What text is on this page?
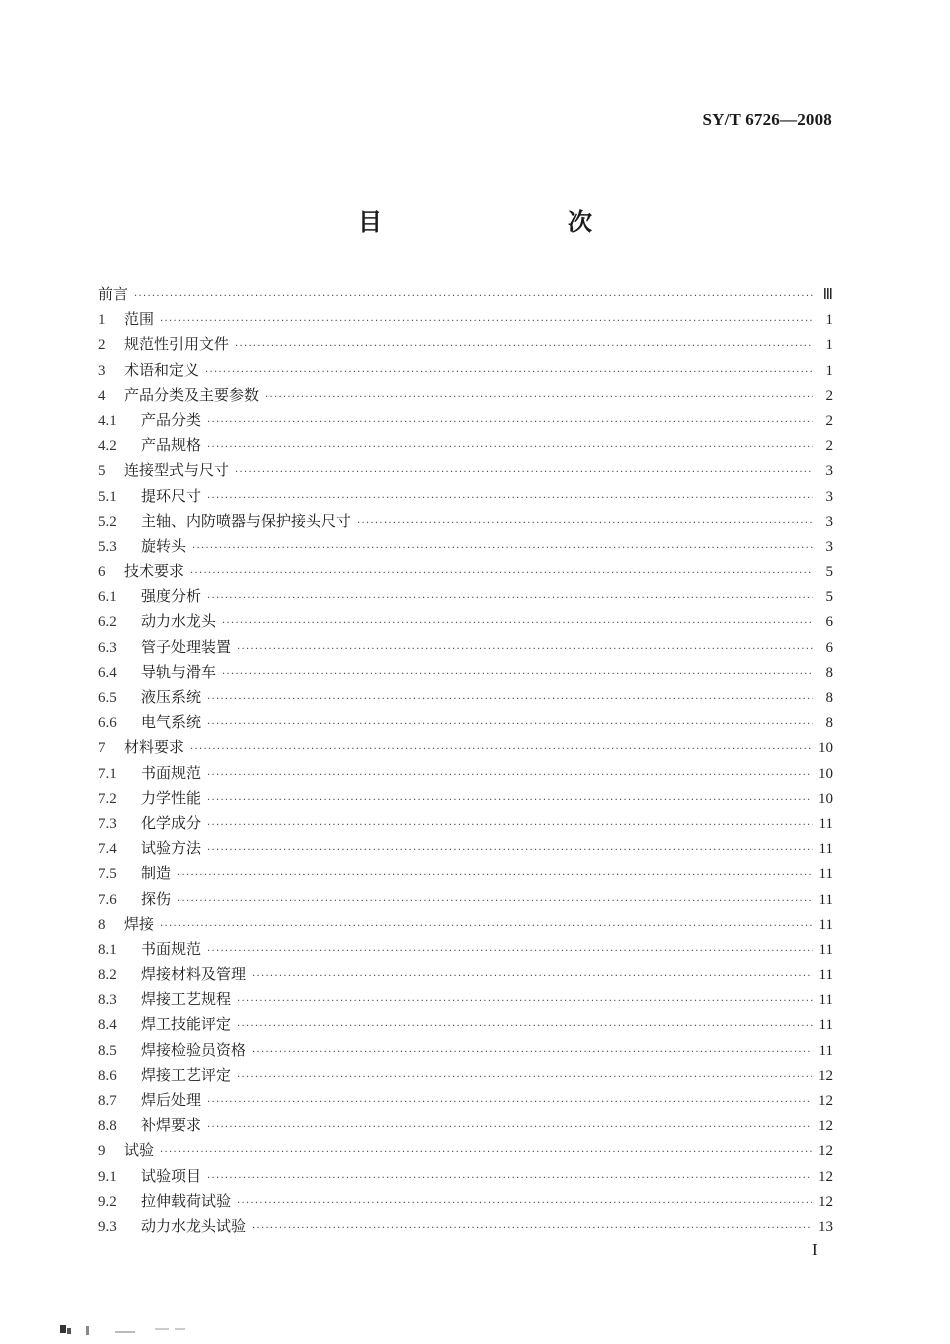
SY/T 6726—2008
目　　次
前言 ·····	Ⅲ
1	范围 ·····	1
2	规范性引用文件 ·····	1
3	术语和定义 ·····	1
4	产品分类及主要参数 ·····	2
4.1	产品分类 ·····	2
4.2	产品规格 ·····	2
5	连接型式与尺寸 ·····	3
5.1	提环尺寸 ·····	3
5.2	主轴、内防喷器与保护接头尺寸 ·····	3
5.3	旋转头 ·····	3
6	技术要求 ·····	5
6.1	强度分析 ·····	5
6.2	动力水龙头 ·····	6
6.3	管子处理装置 ·····	6
6.4	导轨与滑车 ·····	8
6.5	液压系统 ·····	8
6.6	电气系统 ·····	8
7	材料要求 ·····	10
7.1	书面规范 ·····	10
7.2	力学性能 ·····	10
7.3	化学成分 ·····	11
7.4	试验方法 ·····	11
7.5	制造 ·····	11
7.6	探伤 ·····	11
8	焊接 ·····	11
8.1	书面规范 ·····	11
8.2	焊接材料及管理 ·····	11
8.3	焊接工艺规程 ·····	11
8.4	焊工技能评定 ·····	11
8.5	焊接检验员资格 ·····	11
8.6	焊接工艺评定 ·····	12
8.7	焊后处理 ·····	12
8.8	补焊要求 ·····	12
9	试验 ·····	12
9.1	试验项目 ·····	12
9.2	拉伸载荷试验 ·····	12
9.3	动力水龙头试验 ·····	13
I
